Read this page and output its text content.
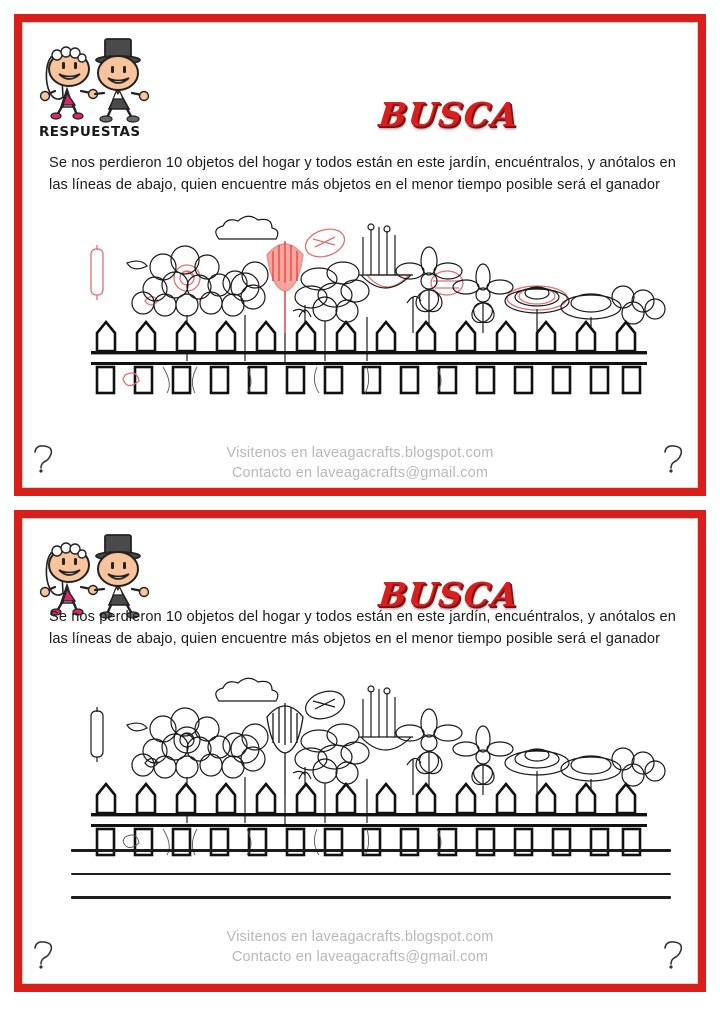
RESPUESTAS	BUSCA
Se nos perdieron 10 objetos del hogar y todos están en este jardín, encuéntralos, y anótalos en las líneas de abajo, quien encuentre más objetos en el menor tiempo posible será el ganador
Visitenos en laveagacrafts.blogspot.com
Contacto en laveagacrafts@gmail.com
BUSCA
Se nos perdieron 10 objetos del hogar y todos están en este jardín, encuéntralos, y anótalos en las líneas de abajo, quien encuentre más objetos en el menor tiempo posible será el ganador
Visitenos en laveagacrafts.blogspot.com
Contacto en laveagacrafts@gmail.com
